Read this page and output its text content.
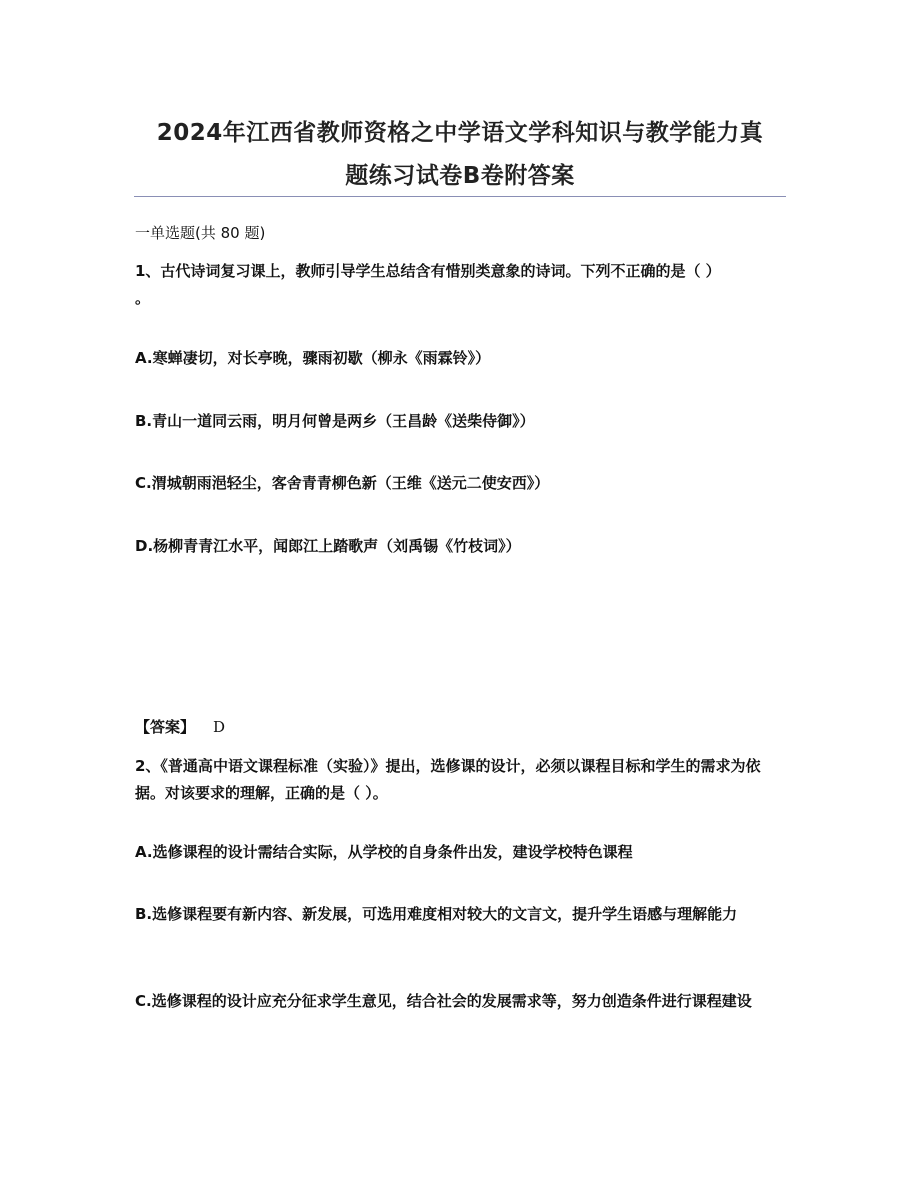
2024年江西省教师资格之中学语文学科知识与教学能力真
题练习试卷B卷附答案
一单选题(共 80 题)
1、古代诗词复习课上，教师引导学生总结含有惜别类意象的诗词。下列不正确的是（ ）
。
A.寒蝉凄切，对长亭晚，骤雨初歇（柳永《雨霖铃》）
B.青山一道同云雨，明月何曾是两乡（王昌龄《送柴侍御》）
C.渭城朝雨浥轻尘，客舍青青柳色新（王维《送元二使安西》）
D.杨柳青青江水平，闻郎江上踏歌声（刘禹锡《竹枝词》）
【答案】 D
2、《普通高中语文课程标准（实验）》提出，选修课的设计，必须以课程目标和学生的需求为依据。对该要求的理解，正确的是（ ）。
A.选修课程的设计需结合实际，从学校的自身条件出发，建设学校特色课程
B.选修课程要有新内容、新发展，可选用难度相对较大的文言文，提升学生语感与理解能力
C.选修课程的设计应充分征求学生意见，结合社会的发展需求等，努力创造条件进行课程建设
